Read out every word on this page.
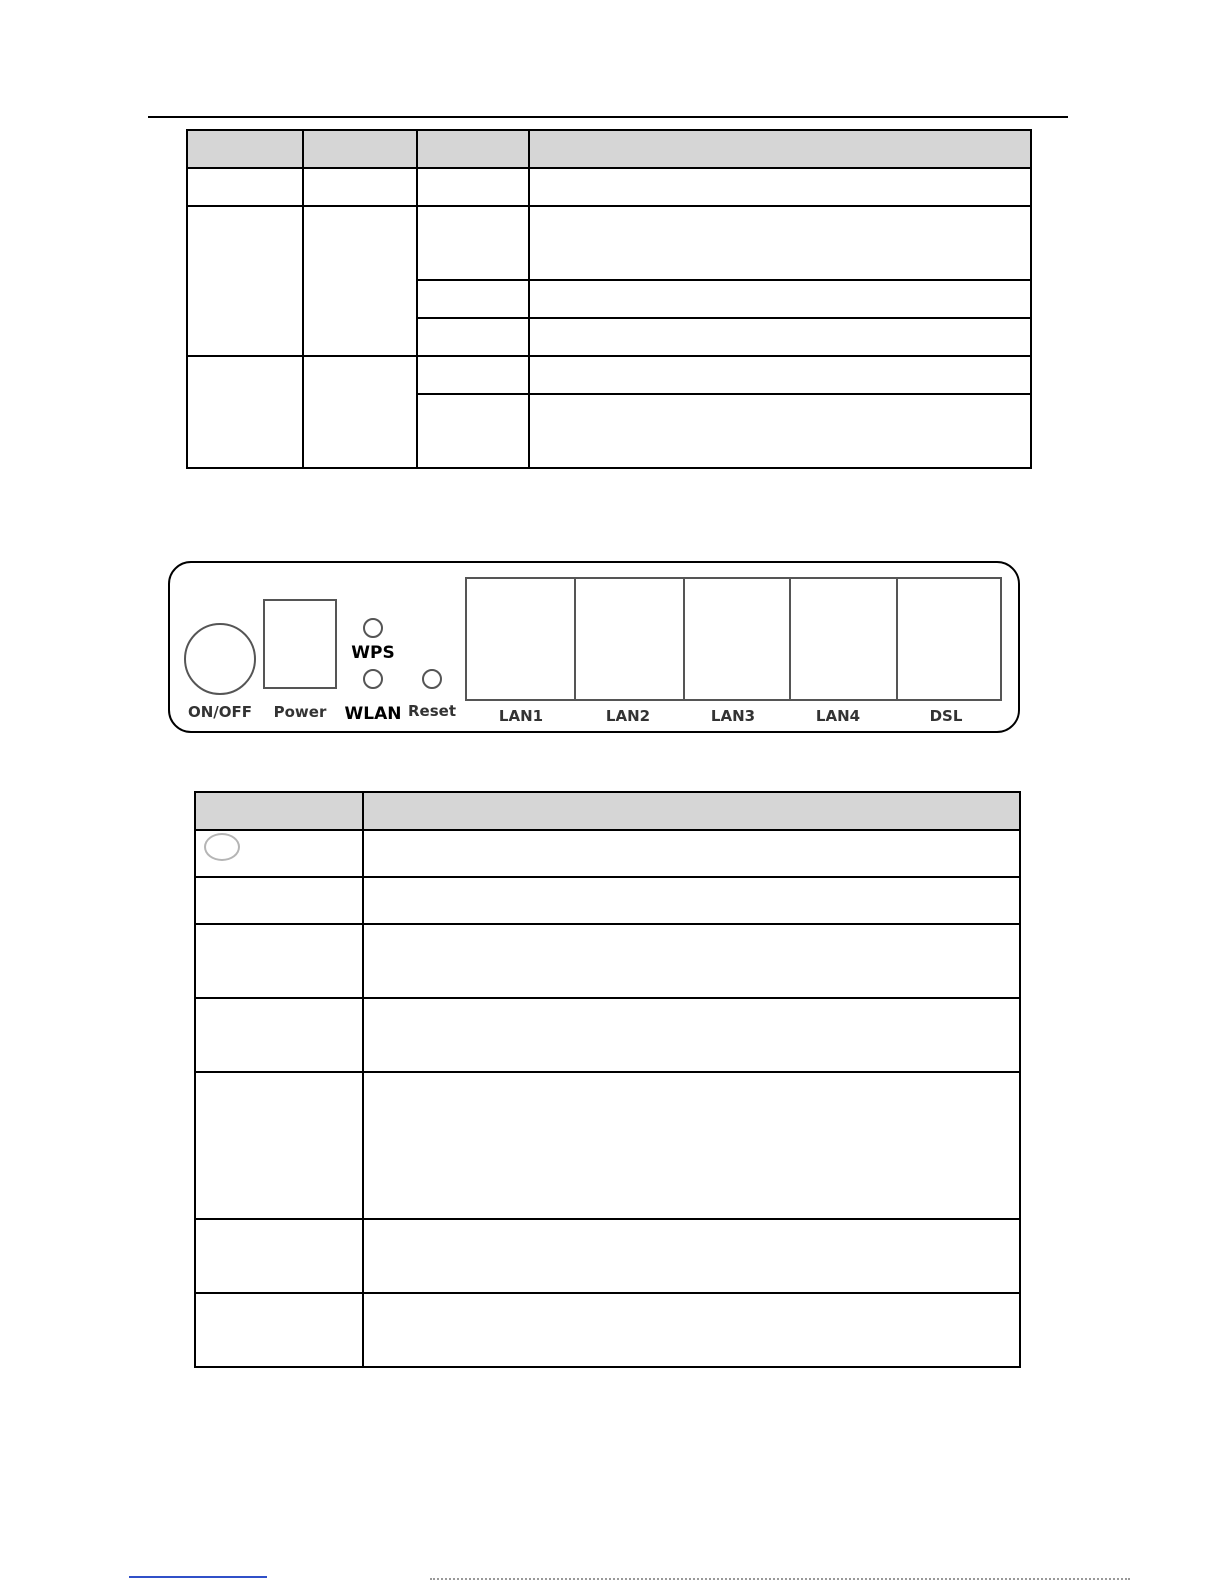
ON/OFF Power
WPS
WLAN Reset	LAN1	LAN2	LAN3	LAN4	DSL
